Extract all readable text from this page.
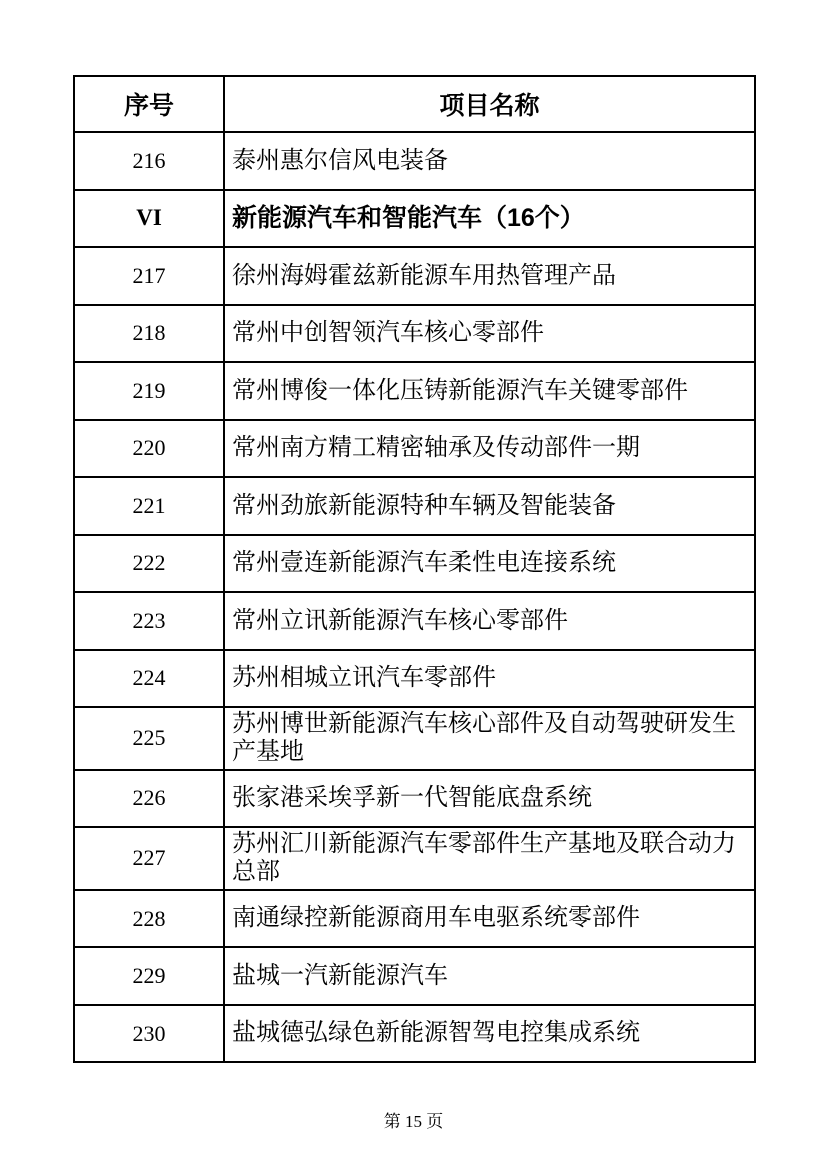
序号	项目名称
216	泰州惠尔信风电装备
VI	新能源汽车和智能汽车（16个）
217	徐州海姆霍兹新能源车用热管理产品
218	常州中创智领汽车核心零部件
219	常州博俊一体化压铸新能源汽车关键零部件
220	常州南方精工精密轴承及传动部件一期
221	常州劲旅新能源特种车辆及智能装备
222	常州壹连新能源汽车柔性电连接系统
223	常州立讯新能源汽车核心零部件
224	苏州相城立讯汽车零部件
225	苏州博世新能源汽车核心部件及自动驾驶研发生产基地
226	张家港采埃孚新一代智能底盘系统
227	苏州汇川新能源汽车零部件生产基地及联合动力总部
228	南通绿控新能源商用车电驱系统零部件
229	盐城一汽新能源汽车
230	盐城德弘绿色新能源智驾电控集成系统
第 15 页
